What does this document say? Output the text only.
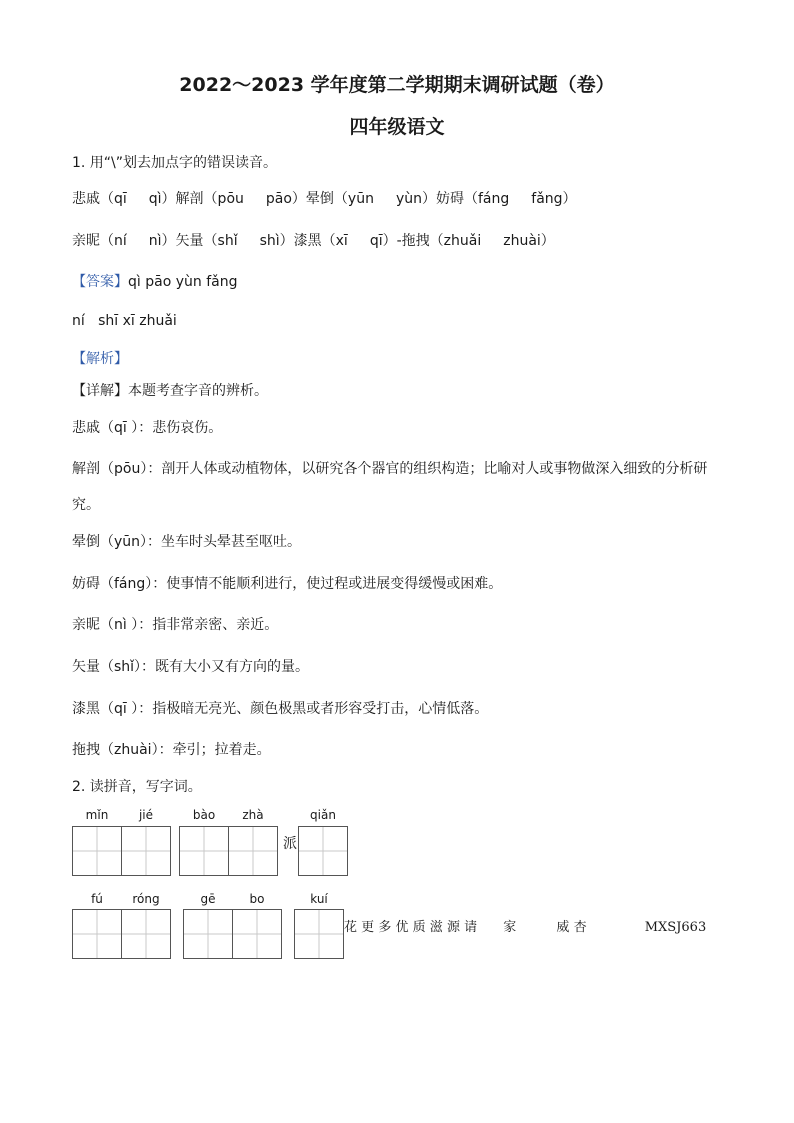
2022～2023 学年度第二学期期末调研试题（卷）
四年级语文
1. 用“\”划去加点字的错误读音。
悲戚（qī qì）解剖（pōu pāo）晕倒（yūn yùn）妨碍（fáng fǎng）
亲昵（ní nì）矢量（shǐ shì）漆黑（xī qī）-拖拽（zhuǎi zhuài）
【答案】qì pāo yùn fǎng
ní   shī xī zhuǎi
【解析】
【详解】本题考查字音的辨析。
悲戚（qī ）：悲伤哀伤。
解剖（pōu）：剖开人体或动植物体，以研究各个器官的组织构造；比喻对人或事物做深入细致的分析研
究。
晕倒（yūn）：坐车时头晕甚至呕吐。
妨碍（fáng）：使事情不能顺利进行，使过程或进展变得缓慢或困难。
亲昵（nì ）：指非常亲密、亲近。
矢量（shǐ）：既有大小又有方向的量。
漆黑（qī ）：指极暗无亮光、颜色极黑或者形容受打击，心情低落。
拖拽（zhuài）：牵引；拉着走。
2. 读拼音，写字词。
mǐn	jié	bào	zhà	qiǎn
派
fú	róng	gē	bo	kuí
花 更 多 优 质 滋 源 请 家	威 杏	MXSJ663
